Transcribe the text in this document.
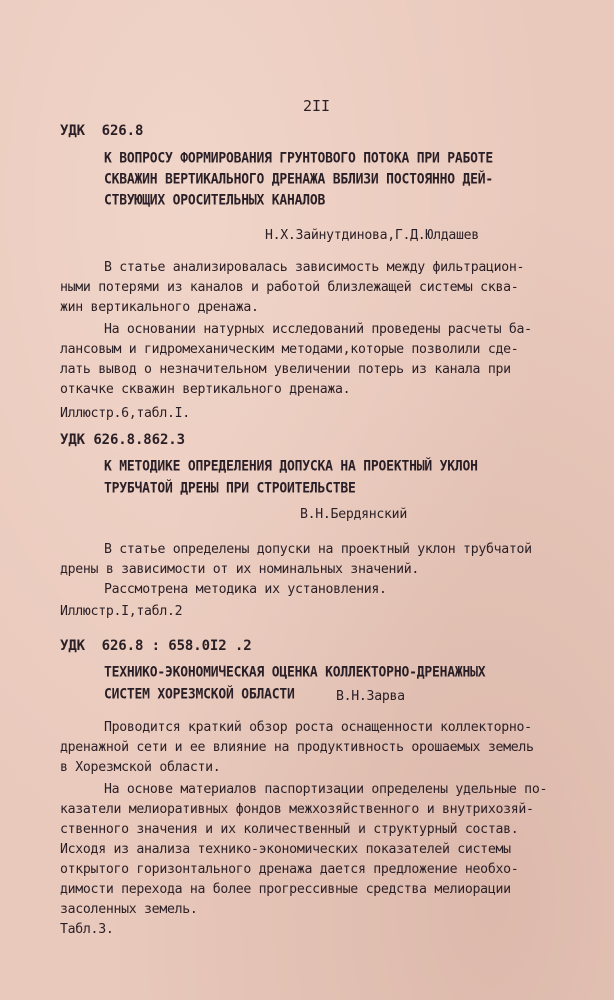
2II
УДК  626.8
К ВОПРОСУ ФОРМИРОВАНИЯ ГРУНТОВОГО ПОТОКА ПРИ РАБОТЕ
СКВАЖИН ВЕРТИКАЛЬНОГО ДРЕНАЖА ВБЛИЗИ ПОСТОЯННО ДЕЙ-
СТВУЮЩИХ ОРОСИТЕЛЬНЫХ КАНАЛОВ
Н.Х.Зайнутдинова,Г.Д.Юлдашев
В статье анализировалась зависимость между фильтрацион-
ными потерями из каналов и работой близлежащей системы сква-
жин вертикального дренажа.
На основании натурных исследований проведены расчеты ба-
лансовым и гидромеханическим методами,которые позволили сде-
лать вывод о незначительном увеличении потерь из канала при
откачке скважин вертикального дренажа.
Иллюстр.6,табл.I.
УДК 626.8.862.3
К МЕТОДИКЕ ОПРЕДЕЛЕНИЯ ДОПУСКА НА ПРОЕКТНЫЙ УКЛОН
ТРУБЧАТОЙ ДРЕНЫ ПРИ СТРОИТЕЛЬСТВЕ
В.Н.Бердянский
В статье определены допуски на проектный уклон трубчатой
дрены в зависимости от их номинальных значений.
Рассмотрена методика их установления.
Иллюстр.I,табл.2
УДК  626.8 : 658.0I2 .2
ТЕХНИКО-ЭКОНОМИЧЕСКАЯ ОЦЕНКА КОЛЛЕКТОРНО-ДРЕНАЖНЫХ
СИСТЕМ ХОРЕЗМСКОЙ ОБЛАСТИ	В.Н.Зарва
Проводится краткий обзор роста оснащенности коллекторно-
дренажной сети и ее влияние на продуктивность орошаемых земель
в Хорезмской области.
На основе материалов паспортизации определены удельные по-
казатели мелиоративных фондов межхозяйственного и внутрихозяй-
ственного значения и их количественный и структурный состав.
Исходя из анализа технико-экономических показателей системы
открытого горизонтального дренажа дается предложение необхо-
димости перехода на более прогрессивные средства мелиорации
засоленных земель.
Табл.3.
